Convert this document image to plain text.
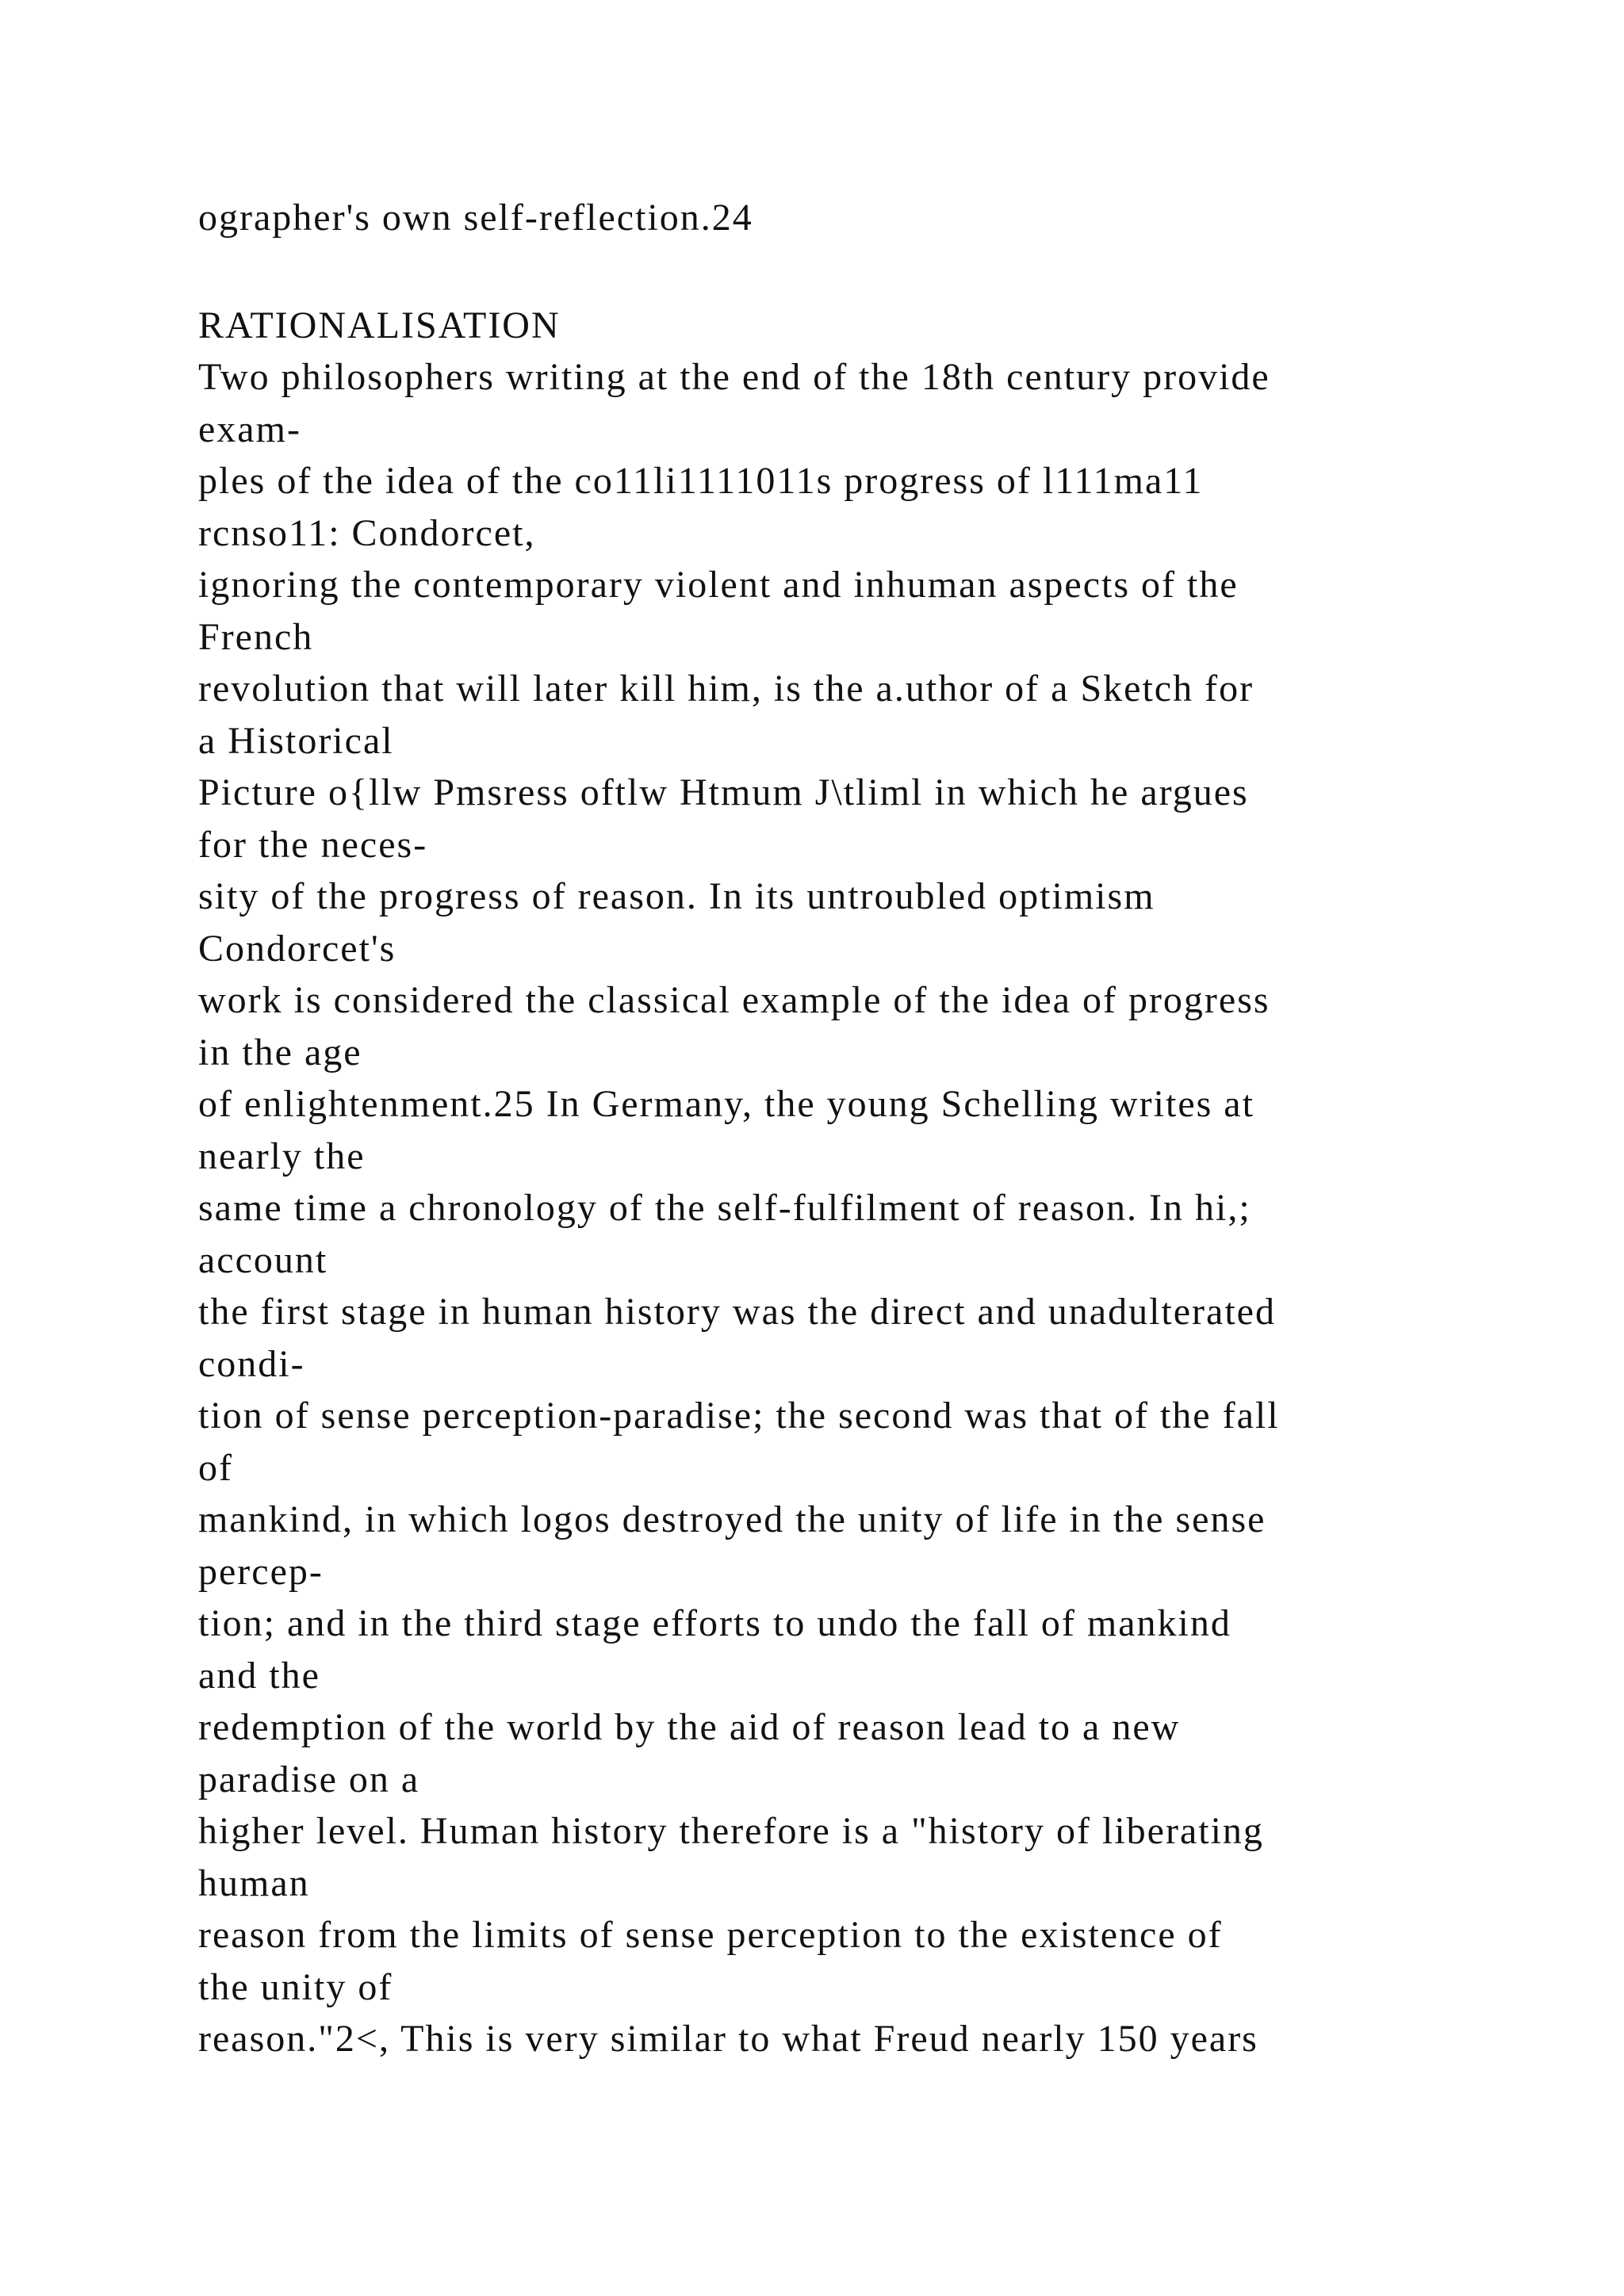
ographer's own self-reflection.24
RATIONALISATION
Two philosophers writing at the end of the 18th century provide
exam-
ples of the idea of the co11li1111011s progress of l111ma11
rcnso11: Condorcet,
ignoring the contemporary violent and inhuman aspects of the
French
revolution that will later kill him, is the a.uthor of a Sketch for
a Historical
Picture o{llw Pmsress oftlw Htmum J\tliml in which he argues
for the neces-
sity of the progress of reason. In its untroubled optimism
Condorcet's
work is considered the classical example of the idea of progress
in the age
of enlightenment.25 In Germany, the young Schelling writes at
nearly the
same time a chronology of the self-fulfilment of reason. In hi,;
account
the first stage in human history was the direct and unadulterated
condi-
tion of sense perception-paradise; the second was that of the fall
of
mankind, in which logos destroyed the unity of life in the sense
percep-
tion; and in the third stage efforts to undo the fall of mankind
and the
redemption of the world by the aid of reason lead to a new
paradise on a
higher level. Human history therefore is a "history of liberating
human
reason from the limits of sense perception to the existence of
the unity of
reason."2<, This is very similar to what Freud nearly 150 years
